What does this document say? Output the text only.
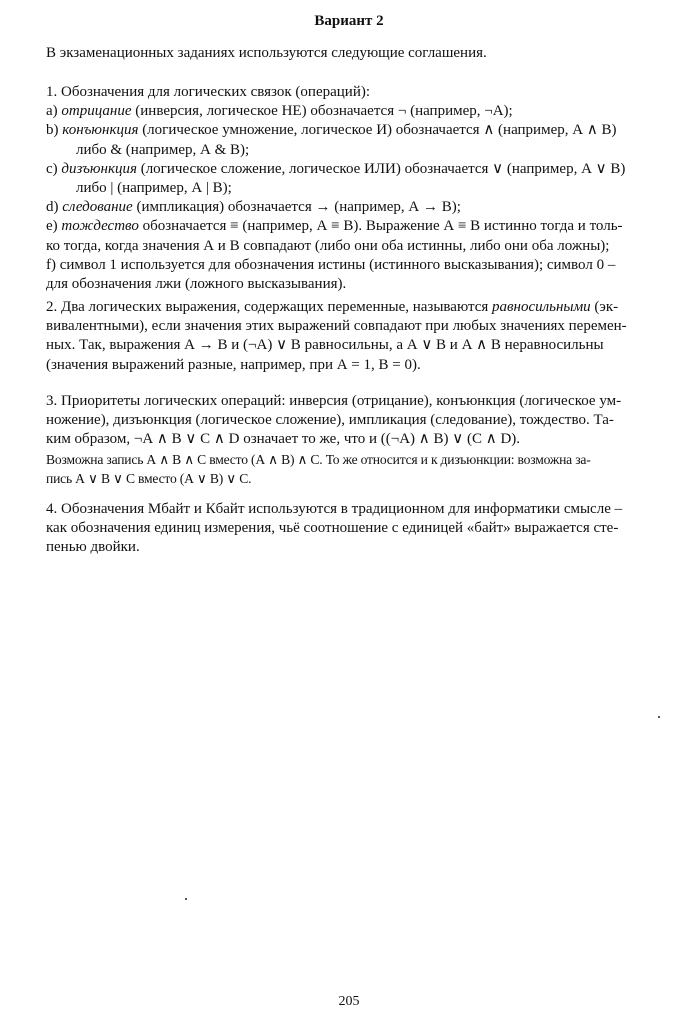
Вариант 2
В экзаменационных заданиях используются следующие соглашения.
1. Обозначения для логических связок (операций):
а) отрицание (инверсия, логическое НЕ) обозначается ¬ (например, ¬А);
b) конъюнкция (логическое умножение, логическое И) обозначается ∧ (например, А ∧ В)
либо & (например, А & В);
с) дизъюнкция (логическое сложение, логическое ИЛИ) обозначается ∨ (например, А ∨ В)
либо | (например, А | В);
d) следование (импликация) обозначается → (например, А → В);
е) тождество обозначается ≡ (например, А ≡ В). Выражение А ≡ В истинно тогда и толь-
ко тогда, когда значения А и В совпадают (либо они оба истинны, либо они оба ложны);
f) символ 1 используется для обозначения истины (истинного высказывания); символ 0 –
для обозначения лжи (ложного высказывания).
2. Два логических выражения, содержащих переменные, называются равносильными (эк-
вивалентными), если значения этих выражений совпадают при любых значениях перемен-
ных. Так, выражения А → В и (¬А) ∨ В равносильны, а А ∨ В и А ∧ В неравносильны
(значения выражений разные, например, при А = 1, В = 0).
3. Приоритеты логических операций: инверсия (отрицание), конъюнкция (логическое ум-
ножение), дизъюнкция (логическое сложение), импликация (следование), тождество. Та-
ким образом, ¬А ∧ В ∨ С ∧ D означает то же, что и ((¬А) ∧ В) ∨ (С ∧ D).
Возможна запись А ∧ В ∧ С вместо (А ∧ В) ∧ С. То же относится и к дизъюнкции: возможна за-
пись А ∨ В ∨ С вместо (А ∨ В) ∨ С.
4. Обозначения Мбайт и Кбайт используются в традиционном для информатики смысле –
как обозначения единиц измерения, чьё соотношение с единицей «байт» выражается сте-
пенью двойки.
205
